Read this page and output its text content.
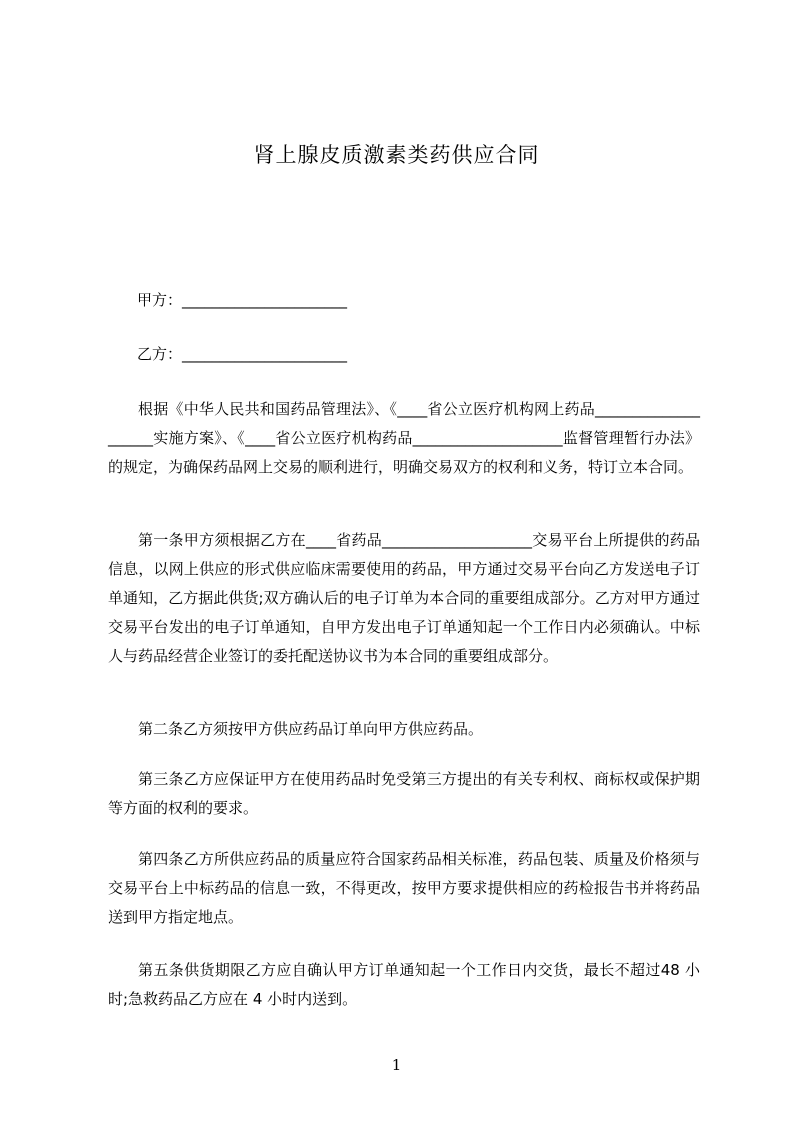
肾上腺皮质激素类药供应合同
甲方：______________________
乙方：______________________
根据《中华人民共和国药品管理法》、《____省公立医疗机构网上药品____________________实施方案》、《____省公立医疗机构药品____________________监督管理暂行办法》的规定，为确保药品网上交易的顺利进行，明确交易双方的权利和义务，特订立本合同。
第一条甲方须根据乙方在____省药品____________________交易平台上所提供的药品信息，以网上供应的形式供应临床需要使用的药品，甲方通过交易平台向乙方发送电子订单通知，乙方据此供货;双方确认后的电子订单为本合同的重要组成部分。乙方对甲方通过交易平台发出的电子订单通知，自甲方发出电子订单通知起一个工作日内必须确认。中标人与药品经营企业签订的委托配送协议书为本合同的重要组成部分。
第二条乙方须按甲方供应药品订单向甲方供应药品。
第三条乙方应保证甲方在使用药品时免受第三方提出的有关专利权、商标权或保护期等方面的权利的要求。
第四条乙方所供应药品的质量应符合国家药品相关标准，药品包装、质量及价格须与交易平台上中标药品的信息一致，不得更改，按甲方要求提供相应的药检报告书并将药品送到甲方指定地点。
第五条供货期限乙方应自确认甲方订单通知起一个工作日内交货，最长不超过48 小时;急救药品乙方应在 4 小时内送到。
1
